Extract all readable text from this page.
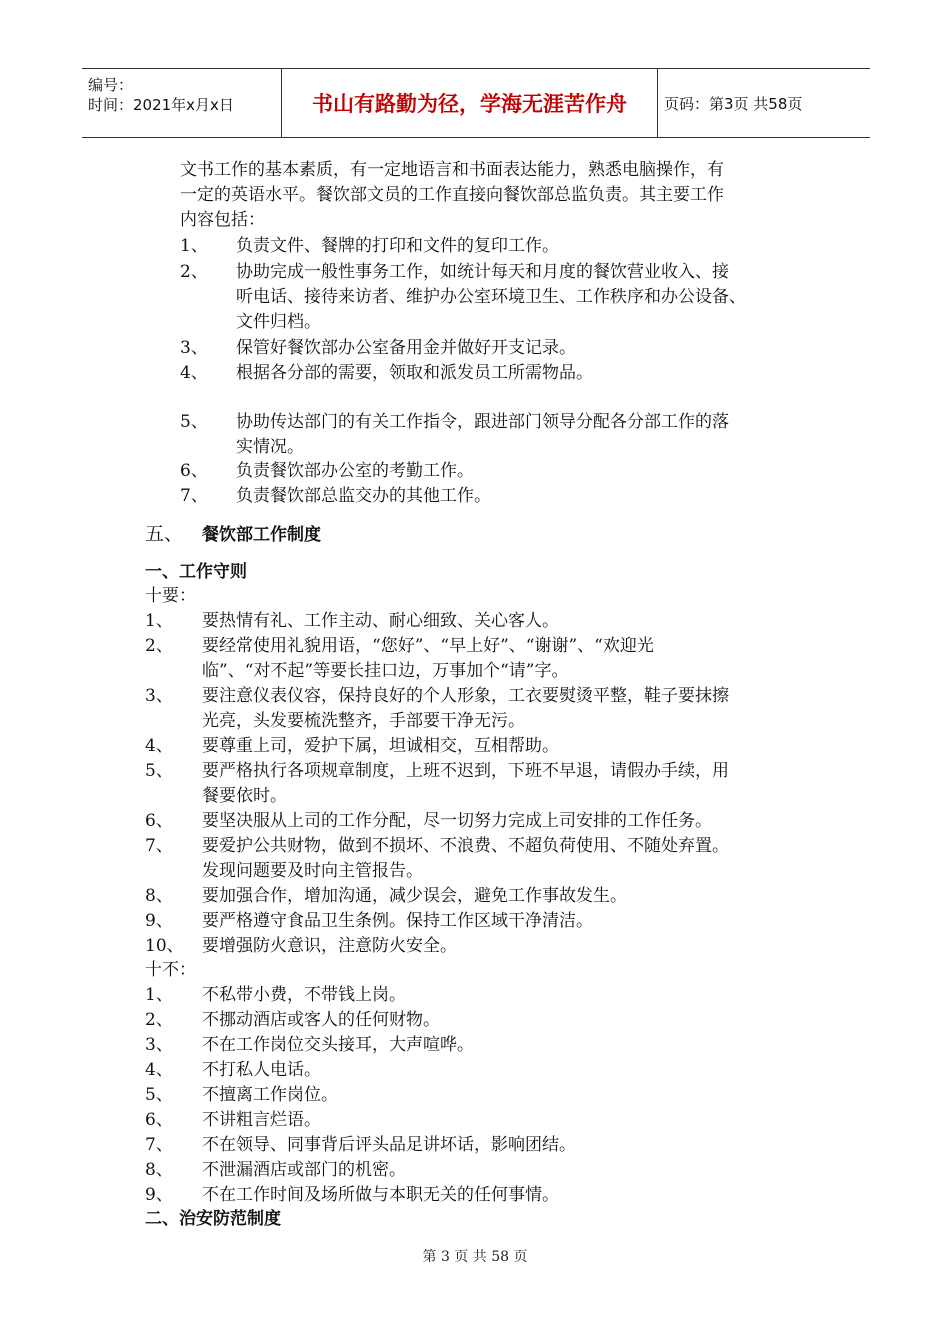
编号：
时间：2021年x月x日	书山有路勤为径，学海无涯苦作舟	页码：第3页 共58页
文书工作的基本素质，有一定地语言和书面表达能力，熟悉电脑操作，有
一定的英语水平。餐饮部文员的工作直接向餐饮部总监负责。其主要工作
内容包括：
1、 负责文件、餐牌的打印和文件的复印工作。
2、 协助完成一般性事务工作，如统计每天和月度的餐饮营业收入、接
听电话、接待来访者、维护办公室环境卫生、工作秩序和办公设备、
文件归档。
3、 保管好餐饮部办公室备用金并做好开支记录。
4、 根据各分部的需要，领取和派发员工所需物品。
5、 协助传达部门的有关工作指令，跟进部门领导分配各分部工作的落
实情况。
6、 负责餐饮部办公室的考勤工作。
7、 负责餐饮部总监交办的其他工作。
五、 餐饮部工作制度
一、工作守则
十要：
1、 要热情有礼、工作主动、耐心细致、关心客人。
2、 要经常使用礼貌用语，“您好”、“早上好”、“谢谢”、“欢迎光
临”、“对不起”等要长挂口边，万事加个“请”字。
3、 要注意仪表仪容，保持良好的个人形象，工衣要熨烫平整，鞋子要抹擦
光亮，头发要梳洗整齐，手部要干净无污。
4、 要尊重上司，爱护下属，坦诚相交，互相帮助。
5、 要严格执行各项规章制度，上班不迟到，下班不早退，请假办手续，用
餐要依时。
6、 要坚决服从上司的工作分配，尽一切努力完成上司安排的工作任务。
7、 要爱护公共财物，做到不损坏、不浪费、不超负荷使用、不随处弃置。
发现问题要及时向主管报告。
8、 要加强合作，增加沟通，减少误会，避免工作事故发生。
9、 要严格遵守食品卫生条例。保持工作区域干净清洁。
10、 要增强防火意识，注意防火安全。
十不：
1、 不私带小费，不带钱上岗。
2、 不挪动酒店或客人的任何财物。
3、 不在工作岗位交头接耳，大声喧哗。
4、 不打私人电话。
5、 不擅离工作岗位。
6、 不讲粗言烂语。
7、 不在领导、同事背后评头品足讲坏话，影响团结。
8、 不泄漏酒店或部门的机密。
9、 不在工作时间及场所做与本职无关的任何事情。
二、治安防范制度
第 3 页 共 58 页
